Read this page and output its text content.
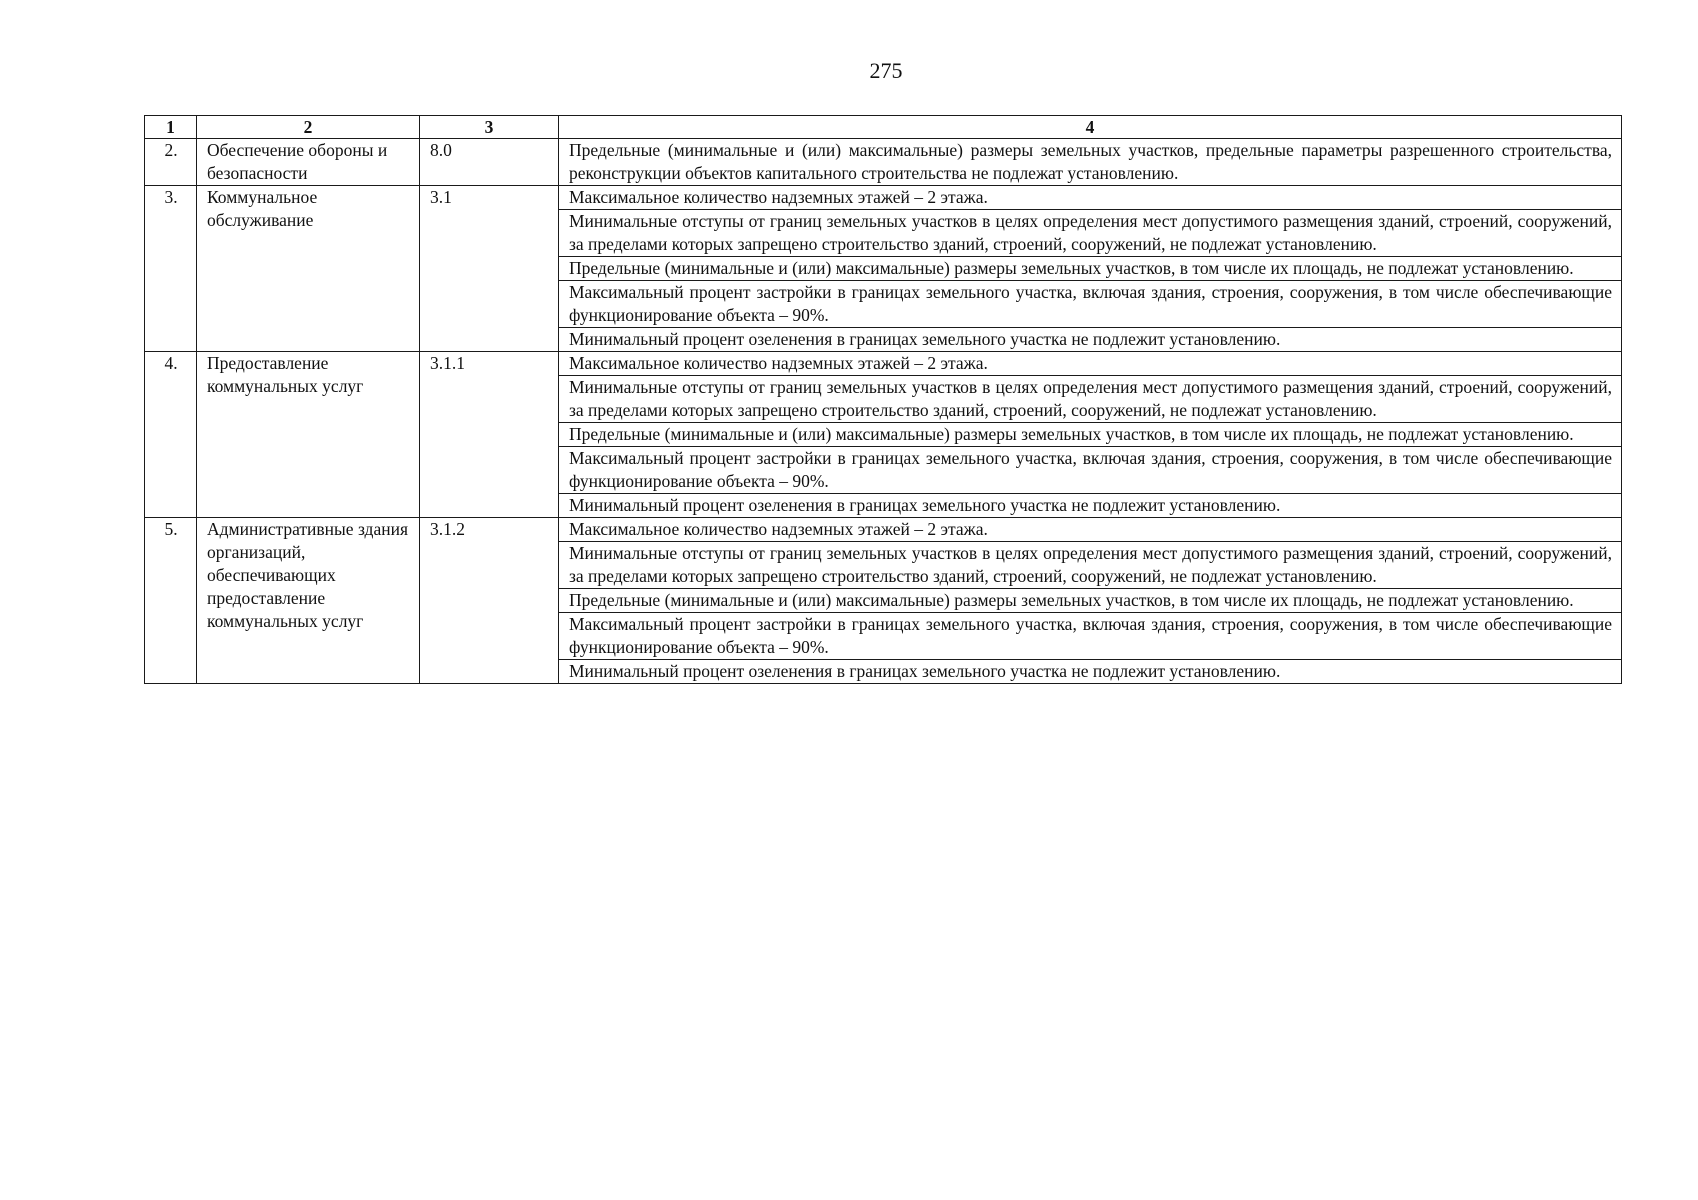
275
1	2	3	4
2.	Обеспечение обороны и безопасности	8.0	Предельные (минимальные и (или) максимальные) размеры земельных участков, предельные параметры разрешенного строительства, реконструкции объектов капитального строительства не подлежат установлению.
3.	Коммунальное обслуживание	3.1	Максимальное количество надземных этажей – 2 этажа.
			Минимальные отступы от границ земельных участков в целях определения мест допустимого размещения зданий, строений, сооружений, за пределами которых запрещено строительство зданий, строений, сооружений, не подлежат установлению.
			Предельные (минимальные и (или) максимальные) размеры земельных участков, в том числе их площадь, не подлежат установлению.
			Максимальный процент застройки в границах земельного участка, включая здания, строения, сооружения, в том числе обеспечивающие функционирование объекта – 90%.
			Минимальный процент озеленения в границах земельного участка не подлежит установлению.
4.	Предоставление коммунальных услуг	3.1.1	Максимальное количество надземных этажей – 2 этажа.
			Минимальные отступы от границ земельных участков в целях определения мест допустимого размещения зданий, строений, сооружений, за пределами которых запрещено строительство зданий, строений, сооружений, не подлежат установлению.
			Предельные (минимальные и (или) максимальные) размеры земельных участков, в том числе их площадь, не подлежат установлению.
			Максимальный процент застройки в границах земельного участка, включая здания, строения, сооружения, в том числе обеспечивающие функционирование объекта – 90%.
			Минимальный процент озеленения в границах земельного участка не подлежит установлению.
5.	Административные здания организаций, обеспечивающих предоставление коммунальных услуг	3.1.2	Максимальное количество надземных этажей – 2 этажа.
			Минимальные отступы от границ земельных участков в целях определения мест допустимого размещения зданий, строений, сооружений, за пределами которых запрещено строительство зданий, строений, сооружений, не подлежат установлению.
			Предельные (минимальные и (или) максимальные) размеры земельных участков, в том числе их площадь, не подлежат установлению.
			Максимальный процент застройки в границах земельного участка, включая здания, строения, сооружения, в том числе обеспечивающие функционирование объекта – 90%.
			Минимальный процент озеленения в границах земельного участка не подлежит установлению.
